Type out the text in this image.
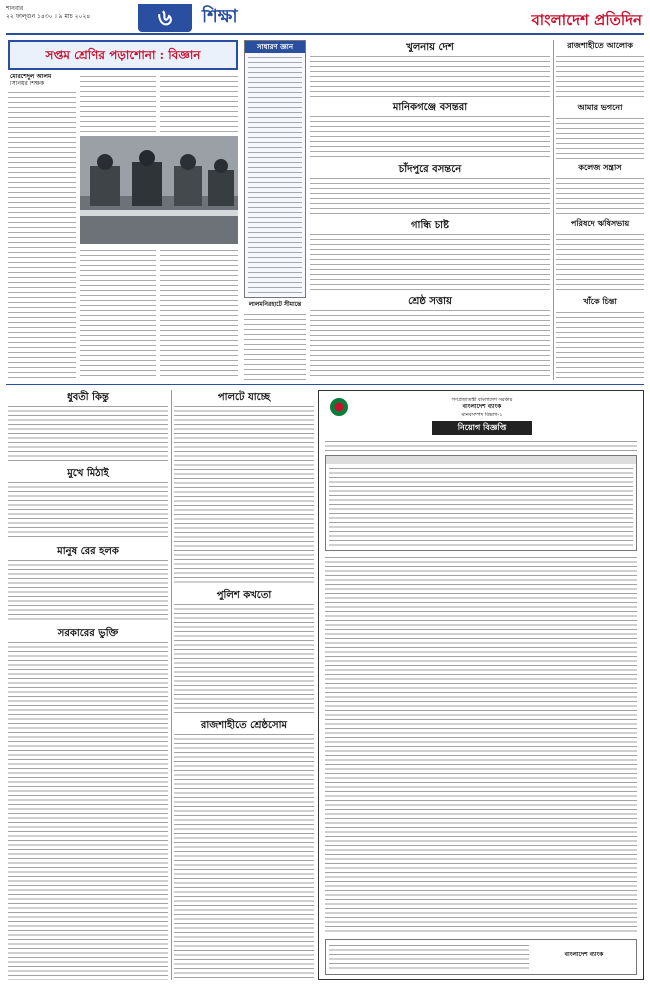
শনিবার
২২ ফাল্গুন ১৪৩০ । ৯ মার্চ ২০২৪	৬	শিক্ষা	বাংলাদেশ প্রতিদিন
সপ্তম শ্রেণির পড়াশোনা : বিজ্ঞান
মোরশেদুল আলম
সিনিয়র শিক্ষক
সাধারণ জ্ঞান
লালমনিরহাটে সীমান্তে
খুলনায় দেশ
মানিকগঞ্জে বসন্তরা
চাঁদপুরে বসন্তনে
গান্ধি চাষ্ট
শ্রেষ্ঠ সত্তায়
রাজশাহীতে আলোক
আমার ভগনো
কলেজ সন্ত্রাস
পরিষদে ঋষিসভায়
খাঁকে চিন্তা
ধুবতী কিন্তু
মুখে মিঠাই
মানুষ রের হলক
সরকারের ভুক্তি
পালটে যাচ্ছে
পুলিশ কখতো
রাজশাহীতে শ্রেষ্ঠসোম
গণপ্রজাতন্ত্রী বাংলাদেশ সরকার
বাংলাদেশ ব্যাংক
মানবসম্পদ বিভাগ-১
নিয়োগ বিজ্ঞপ্তি
বাংলাদেশ ব্যাংক
